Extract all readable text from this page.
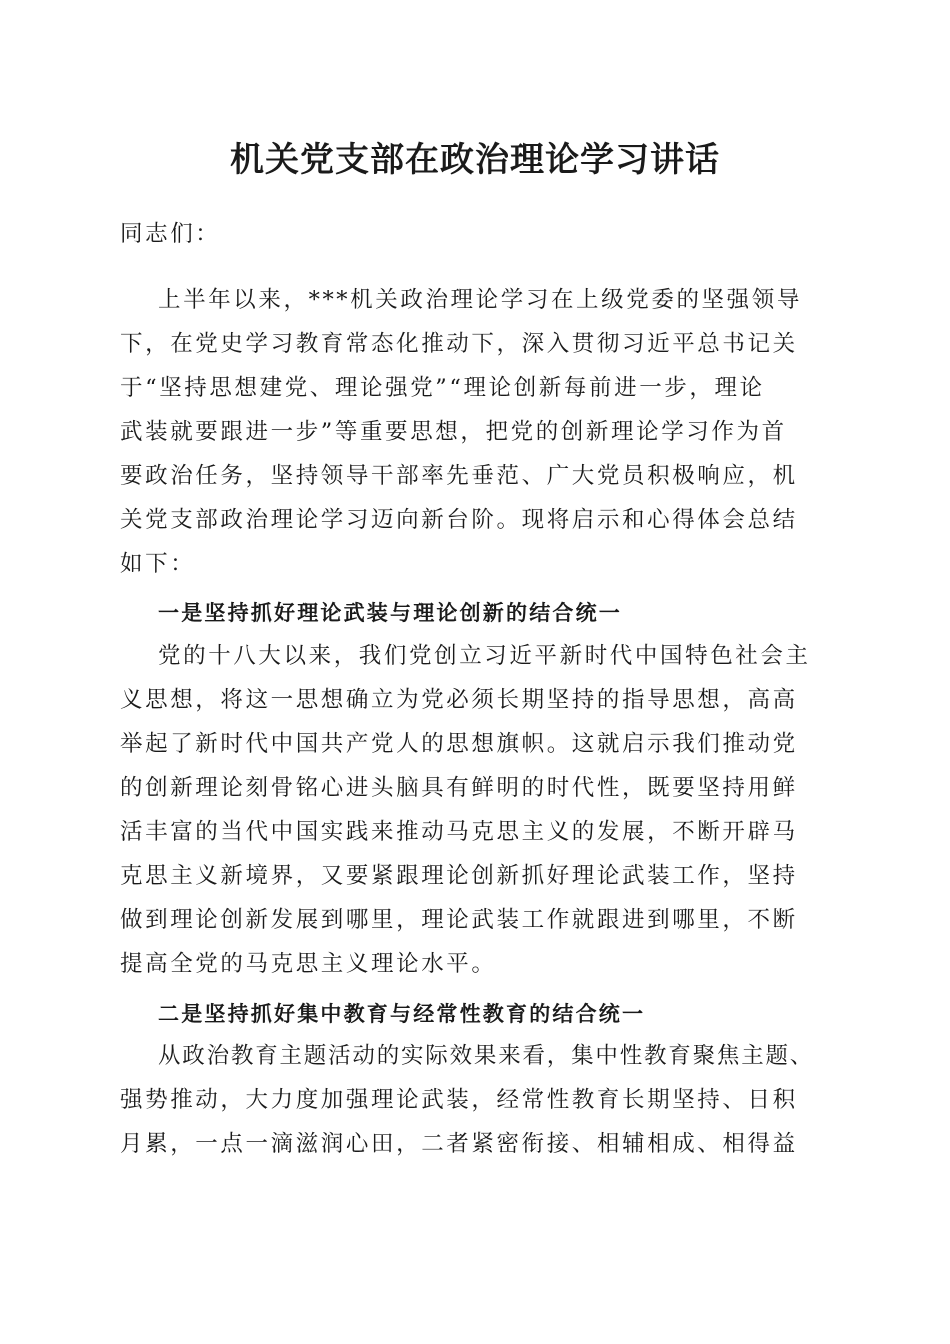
机关党支部在政治理论学习讲话
同志们：
上半年以来，***机关政治理论学习在上级党委的坚强领导
下，在党史学习教育常态化推动下，深入贯彻习近平总书记关
于“坚持思想建党、理论强党”“理论创新每前进一步，理论
武装就要跟进一步”等重要思想，把党的创新理论学习作为首
要政治任务，坚持领导干部率先垂范、广大党员积极响应，机
关党支部政治理论学习迈向新台阶。现将启示和心得体会总结
如下：
一是坚持抓好理论武装与理论创新的结合统一
党的十八大以来，我们党创立习近平新时代中国特色社会主
义思想，将这一思想确立为党必须长期坚持的指导思想，高高
举起了新时代中国共产党人的思想旗帜。这就启示我们推动党
的创新理论刻骨铭心进头脑具有鲜明的时代性，既要坚持用鲜
活丰富的当代中国实践来推动马克思主义的发展，不断开辟马
克思主义新境界，又要紧跟理论创新抓好理论武装工作，坚持
做到理论创新发展到哪里，理论武装工作就跟进到哪里，不断
提高全党的马克思主义理论水平。
二是坚持抓好集中教育与经常性教育的结合统一
从政治教育主题活动的实际效果来看，集中性教育聚焦主题、
强势推动，大力度加强理论武装，经常性教育长期坚持、日积
月累，一点一滴滋润心田，二者紧密衔接、相辅相成、相得益
